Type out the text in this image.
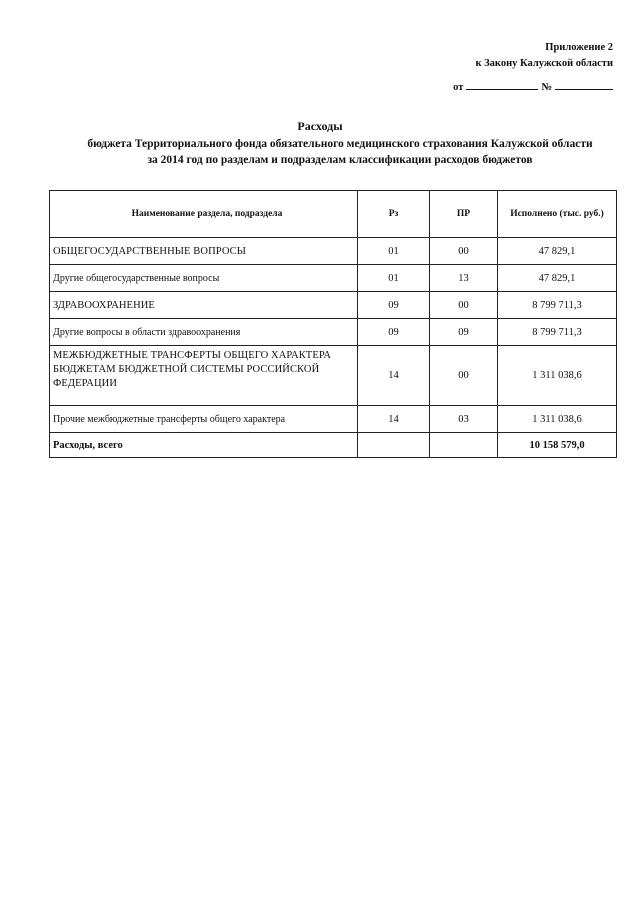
Приложение 2
к Закону Калужской области
от	№
Расходы
бюджета Территориального фонда обязательного медицинского страхования Калужской области
за 2014 год по разделам и подразделам классификации расходов бюджетов
Наименование раздела, подраздела	Рз	ПР	Исполнено (тыс. руб.)
ОБЩЕГОСУДАРСТВЕННЫЕ ВОПРОСЫ	01	00	47 829,1
Другие общегосударственные вопросы	01	13	47 829,1
ЗДРАВООХРАНЕНИЕ	09	00	8 799 711,3
Другие вопросы в области здравоохранения	09	09	8 799 711,3
МЕЖБЮДЖЕТНЫЕ ТРАНСФЕРТЫ ОБЩЕГО ХАРАКТЕРА БЮДЖЕТАМ БЮДЖЕТНОЙ СИСТЕМЫ РОССИЙСКОЙ ФЕДЕРАЦИИ	14	00	1 311 038,6
Прочие межбюджетные трансферты общего характера	14	03	1 311 038,6
Расходы, всего			10 158 579,0
